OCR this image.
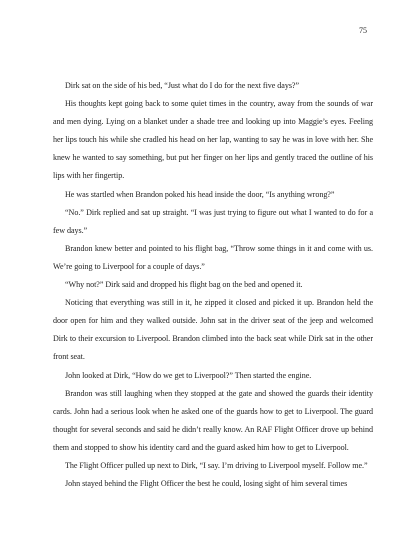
75

Dirk sat on the side of his bed, “Just what do I do for the next five days?”

His thoughts kept going back to some quiet times in the country, away from the sounds of war and men dying. Lying on a blanket under a shade tree and looking up into Maggie’s eyes. Feeling her lips touch his while she cradled his head on her lap, wanting to say he was in love with her. She knew he wanted to say something, but put her finger on her lips and gently traced the outline of his lips with her fingertip.

He was startled when Brandon poked his head inside the door, “Is anything wrong?”

“No.” Dirk replied and sat up straight. “I was just trying to figure out what I wanted to do for a few days.”

Brandon knew better and pointed to his flight bag, “Throw some things in it and come with us. We’re going to Liverpool for a couple of days.”

“Why not?” Dirk said and dropped his flight bag on the bed and opened it.

Noticing that everything was still in it, he zipped it closed and picked it up. Brandon held the door open for him and they walked outside. John sat in the driver seat of the jeep and welcomed Dirk to their excursion to Liverpool. Brandon climbed into the back seat while Dirk sat in the other front seat.

John looked at Dirk, “How do we get to Liverpool?” Then started the engine.

Brandon was still laughing when they stopped at the gate and showed the guards their identity cards. John had a serious look when he asked one of the guards how to get to Liverpool. The guard thought for several seconds and said he didn’t really know. An RAF Flight Officer drove up behind them and stopped to show his identity card and the guard asked him how to get to Liverpool.

The Flight Officer pulled up next to Dirk, “I say. I’m driving to Liverpool myself. Follow me.”

John stayed behind the Flight Officer the best he could, losing sight of him several times
